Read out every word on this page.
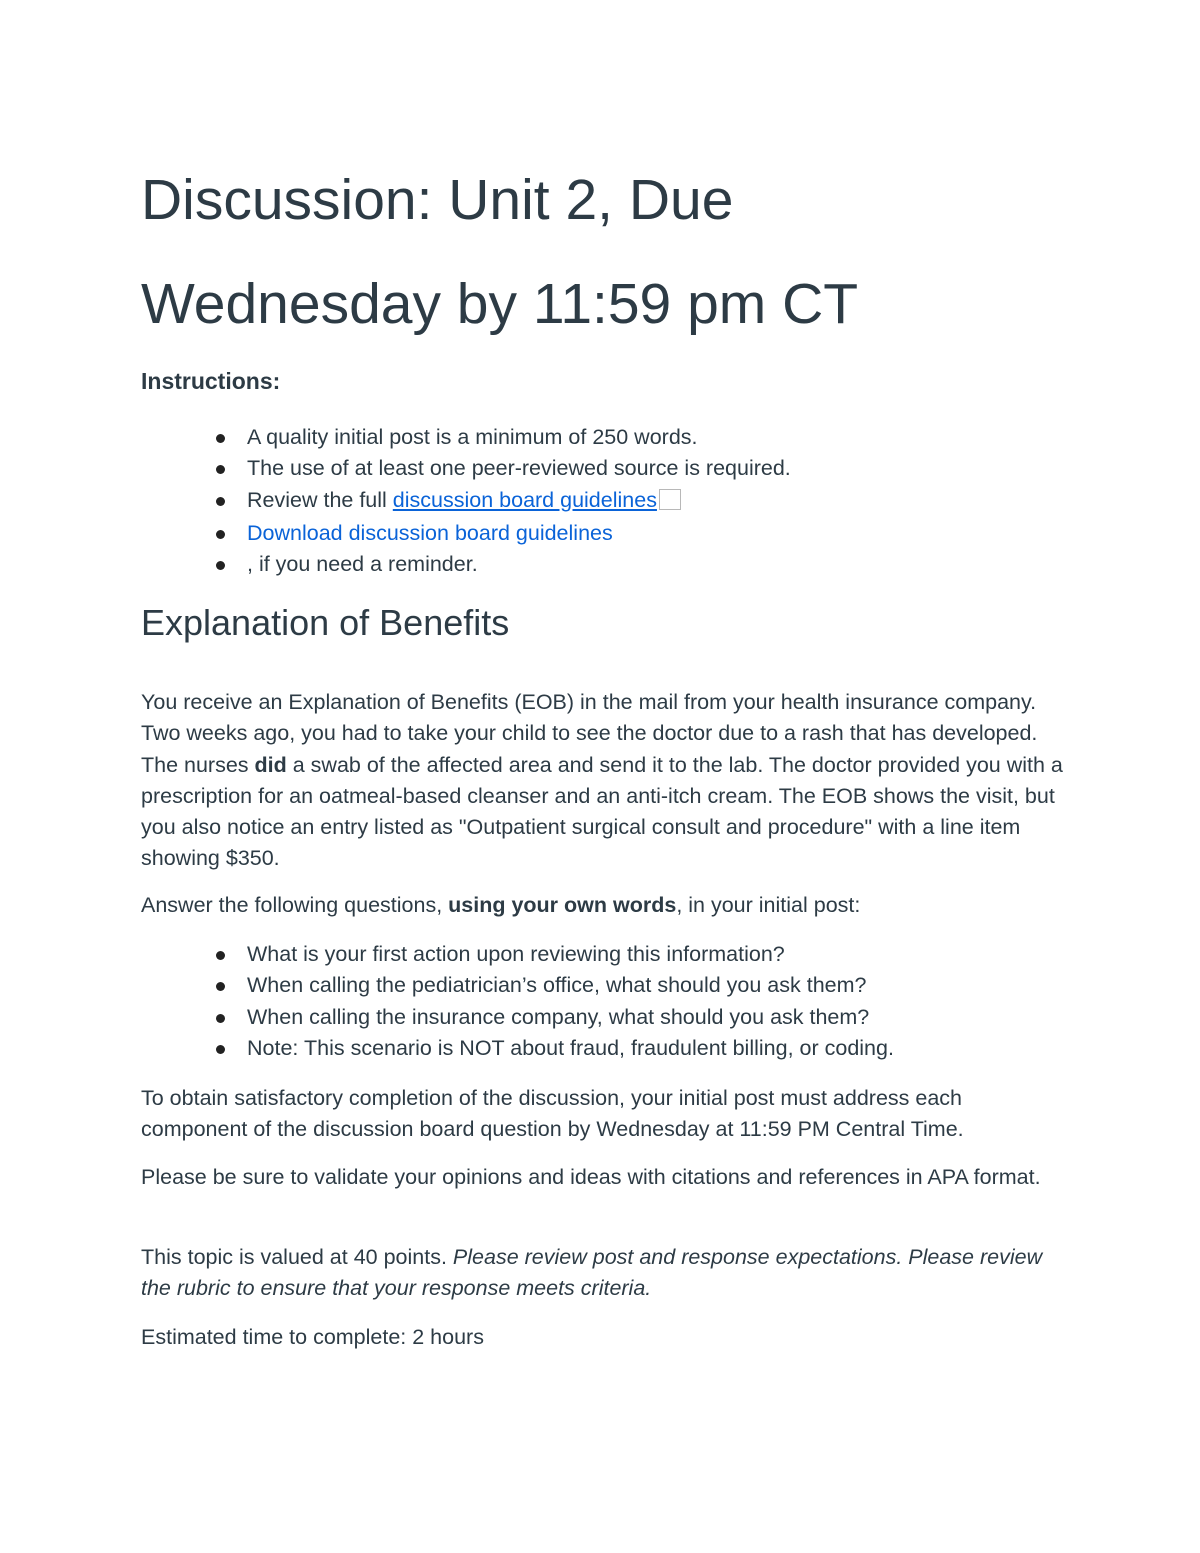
Discussion: Unit 2, Due
Wednesday by 11:59 pm CT
Instructions:
A quality initial post is a minimum of 250 words.
The use of at least one peer-reviewed source is required.
Review the full discussion board guidelines
Download discussion board guidelines
, if you need a reminder.
Explanation of Benefits

You receive an Explanation of Benefits (EOB) in the mail from your health insurance company. Two weeks ago, you had to take your child to see the doctor due to a rash that has developed. The nurses did a swab of the affected area and send it to the lab. The doctor provided you with a prescription for an oatmeal-based cleanser and an anti-itch cream. The EOB shows the visit, but you also notice an entry listed as "Outpatient surgical consult and procedure" with a line item showing $350.

Answer the following questions, using your own words, in your initial post:

What is your first action upon reviewing this information?
When calling the pediatrician’s office, what should you ask them?
When calling the insurance company, what should you ask them?
Note: This scenario is NOT about fraud, fraudulent billing, or coding.

To obtain satisfactory completion of the discussion, your initial post must address each component of the discussion board question by Wednesday at 11:59 PM Central Time.

Please be sure to validate your opinions and ideas with citations and references in APA format.

This topic is valued at 40 points. Please review post and response expectations. Please review the rubric to ensure that your response meets criteria.

Estimated time to complete: 2 hours
